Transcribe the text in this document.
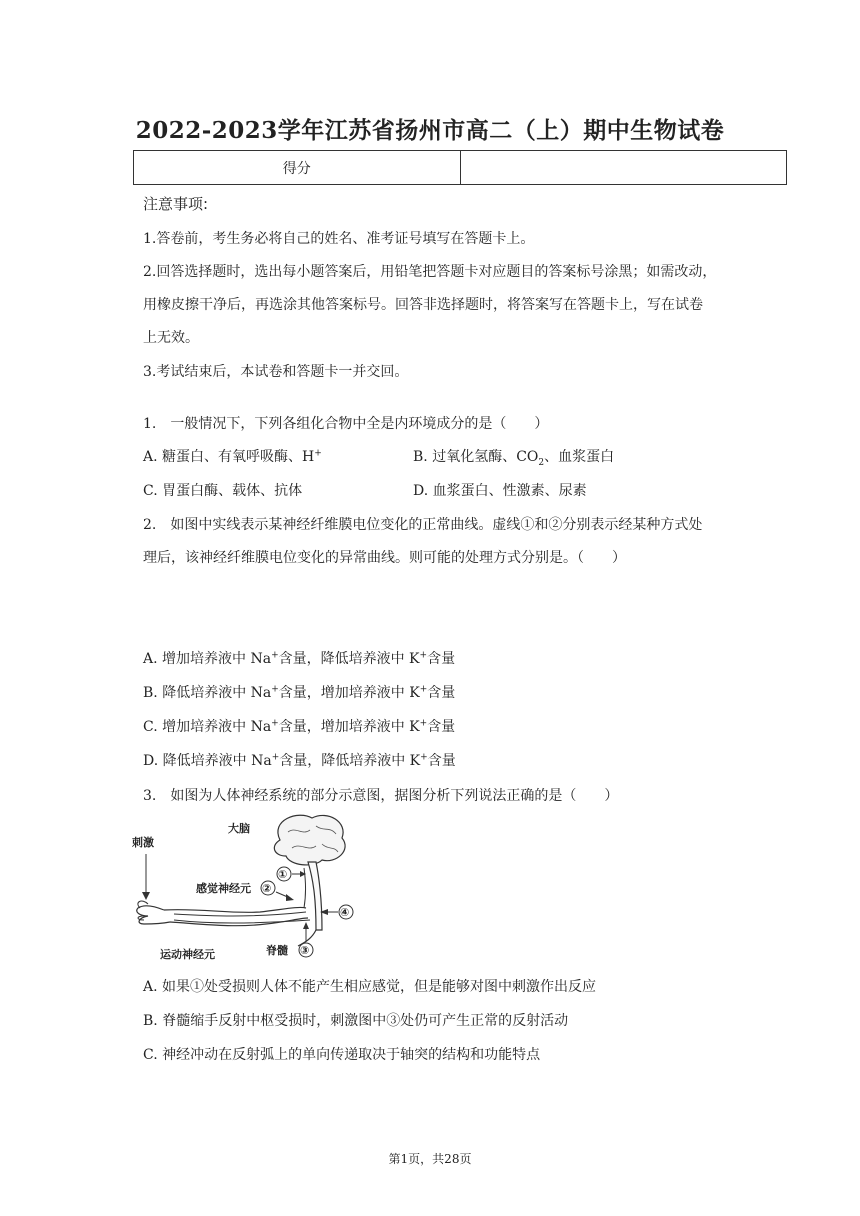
2022-2023学年江苏省扬州市高二（上）期中生物试卷
得分	
注意事项:
1.答卷前，考生务必将自己的姓名、准考证号填写在答题卡上。
2.回答选择题时，选出每小题答案后，用铅笔把答题卡对应题目的答案标号涂黑；如需改动，
用橡皮擦干净后，再选涂其他答案标号。回答非选择题时，将答案写在答题卡上，写在试卷
上无效。
3.考试结束后，本试卷和答题卡一并交回。
1.　一般情况下，下列各组化合物中全是内环境成分的是（　　）
A. 糖蛋白、有氧呼吸酶、H+	B. 过氧化氢酶、$CO_2$、血浆蛋白
C. 胃蛋白酶、载体、抗体	D. 血浆蛋白、性激素、尿素
2.　如图中实线表示某神经纤维膜电位变化的正常曲线。虚线①和②分别表示经某种方式处
理后，该神经纤维膜电位变化的异常曲线。则可能的处理方式分别是。（　　）
A. 增加培养液中 Na+含量，降低培养液中 K+含量
B. 降低培养液中 Na+含量，增加培养液中 K+含量
C. 增加培养液中 Na+含量，增加培养液中 K+含量
D. 降低培养液中 Na+含量，降低培养液中 K+含量
3.　如图为人体神经系统的部分示意图，据图分析下列说法正确的是（　　）
大脑
刺激
感觉神经元
运动神经元	脊髓
①
②
③
④
A. 如果①处受损则人体不能产生相应感觉，但是能够对图中刺激作出反应
B. 脊髓缩手反射中枢受损时，刺激图中③处仍可产生正常的反射活动
C. 神经冲动在反射弧上的单向传递取决于轴突的结构和功能特点
第1页，共28页
